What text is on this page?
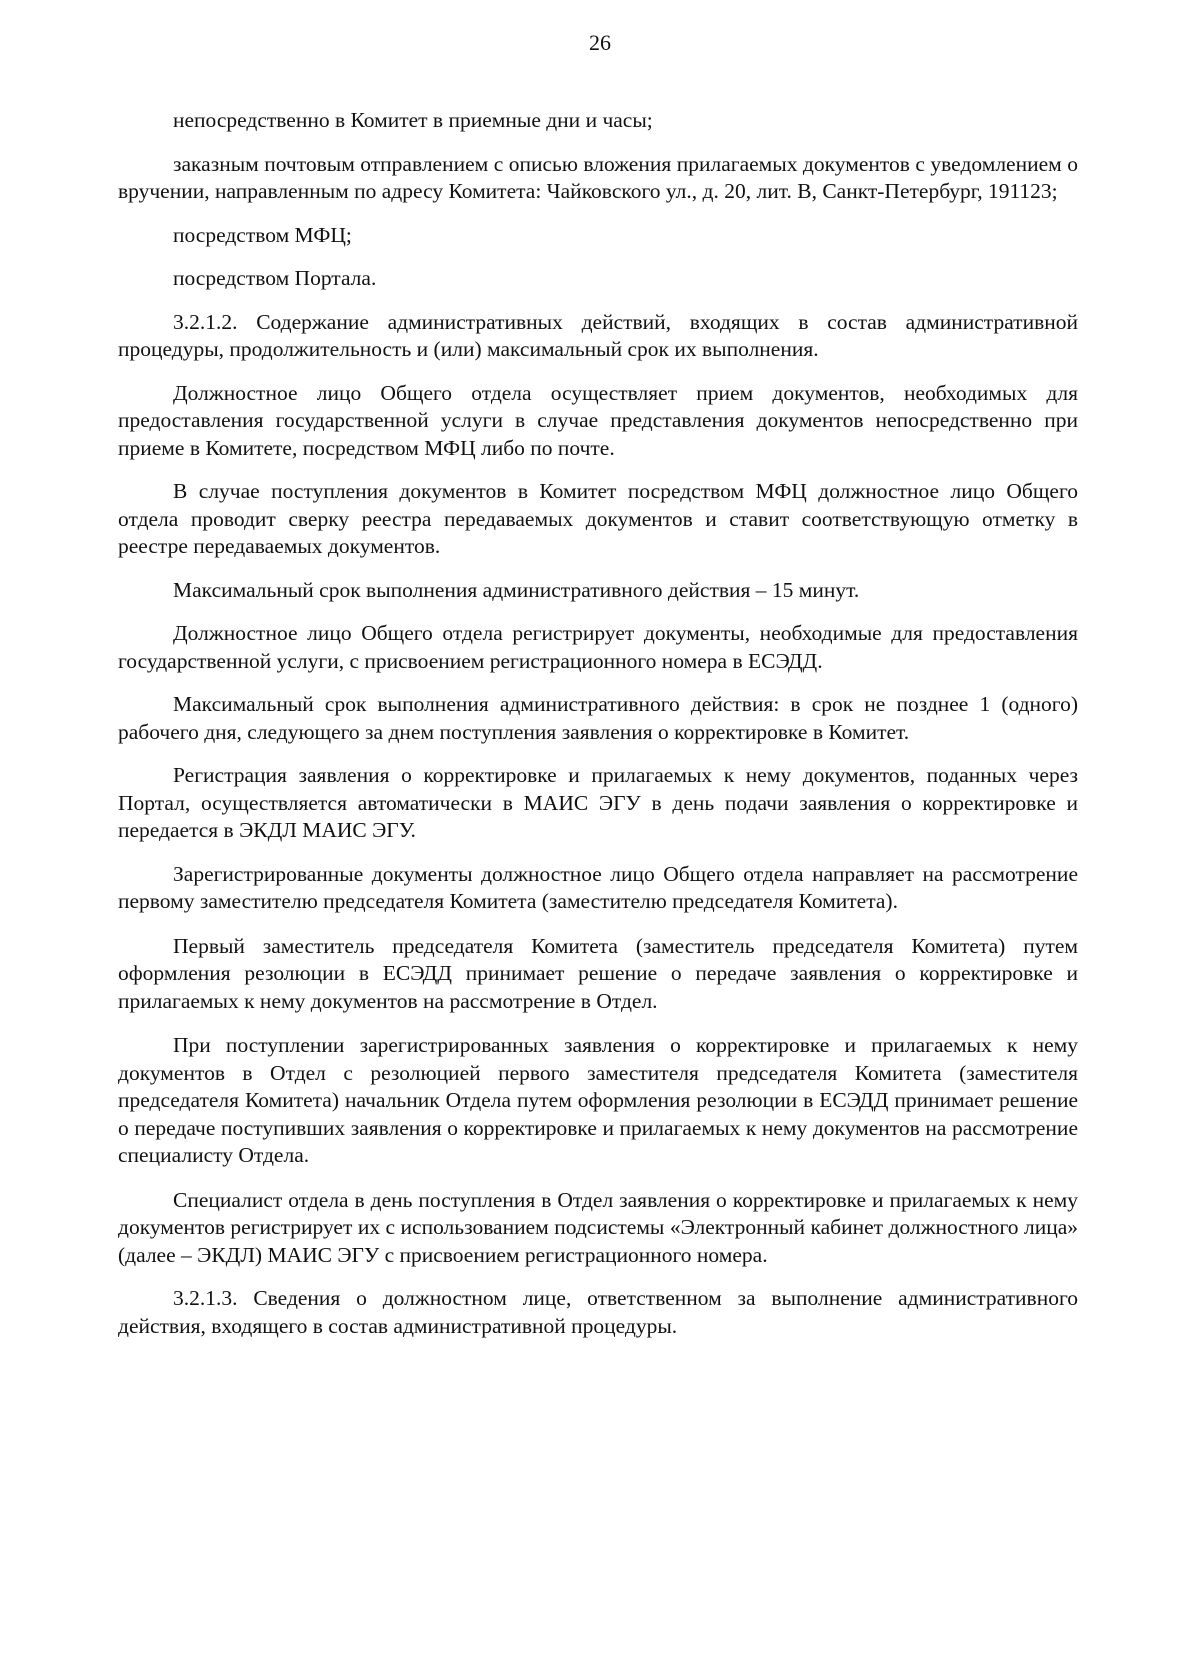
26

непосредственно в Комитет в приемные дни и часы;

заказным почтовым отправлением с описью вложения прилагаемых документов с уведомлением о вручении, направленным по адресу Комитета: Чайковского ул., д. 20, лит. В, Санкт-Петербург, 191123;

посредством МФЦ;

посредством Портала.

3.2.1.2. Содержание административных действий, входящих в состав административной процедуры, продолжительность и (или) максимальный срок их выполнения.

Должностное лицо Общего отдела осуществляет прием документов, необходимых для предоставления государственной услуги в случае представления документов непосредственно при приеме в Комитете, посредством МФЦ либо по почте.

В случае поступления документов в Комитет посредством МФЦ должностное лицо Общего отдела проводит сверку реестра передаваемых документов и ставит соответствующую отметку в реестре передаваемых документов.

Максимальный срок выполнения административного действия – 15 минут.

Должностное лицо Общего отдела регистрирует документы, необходимые для предоставления государственной услуги, с присвоением регистрационного номера в ЕСЭДД.

Максимальный срок выполнения административного действия: в срок не позднее 1 (одного) рабочего дня, следующего за днем поступления заявления о корректировке в Комитет.

Регистрация заявления о корректировке и прилагаемых к нему документов, поданных через Портал, осуществляется автоматически в МАИС ЭГУ в день подачи заявления о корректировке и передается в ЭКДЛ МАИС ЭГУ.

Зарегистрированные документы должностное лицо Общего отдела направляет на рассмотрение первому заместителю председателя Комитета (заместителю председателя Комитета).

Первый заместитель председателя Комитета (заместитель председателя Комитета) путем оформления резолюции в ЕСЭДД принимает решение о передаче заявления о корректировке и прилагаемых к нему документов на рассмотрение в Отдел.

При поступлении зарегистрированных заявления о корректировке и прилагаемых к нему документов в Отдел с резолюцией первого заместителя председателя Комитета (заместителя председателя Комитета) начальник Отдела путем оформления резолюции в ЕСЭДД принимает решение о передаче поступивших заявления о корректировке и прилагаемых к нему документов на рассмотрение специалисту Отдела.

Специалист отдела в день поступления в Отдел заявления о корректировке и прилагаемых к нему документов регистрирует их с использованием подсистемы «Электронный кабинет должностного лица» (далее – ЭКДЛ) МАИС ЭГУ с присвоением регистрационного номера.

3.2.1.3. Сведения о должностном лице, ответственном за выполнение административного действия, входящего в состав административной процедуры.
